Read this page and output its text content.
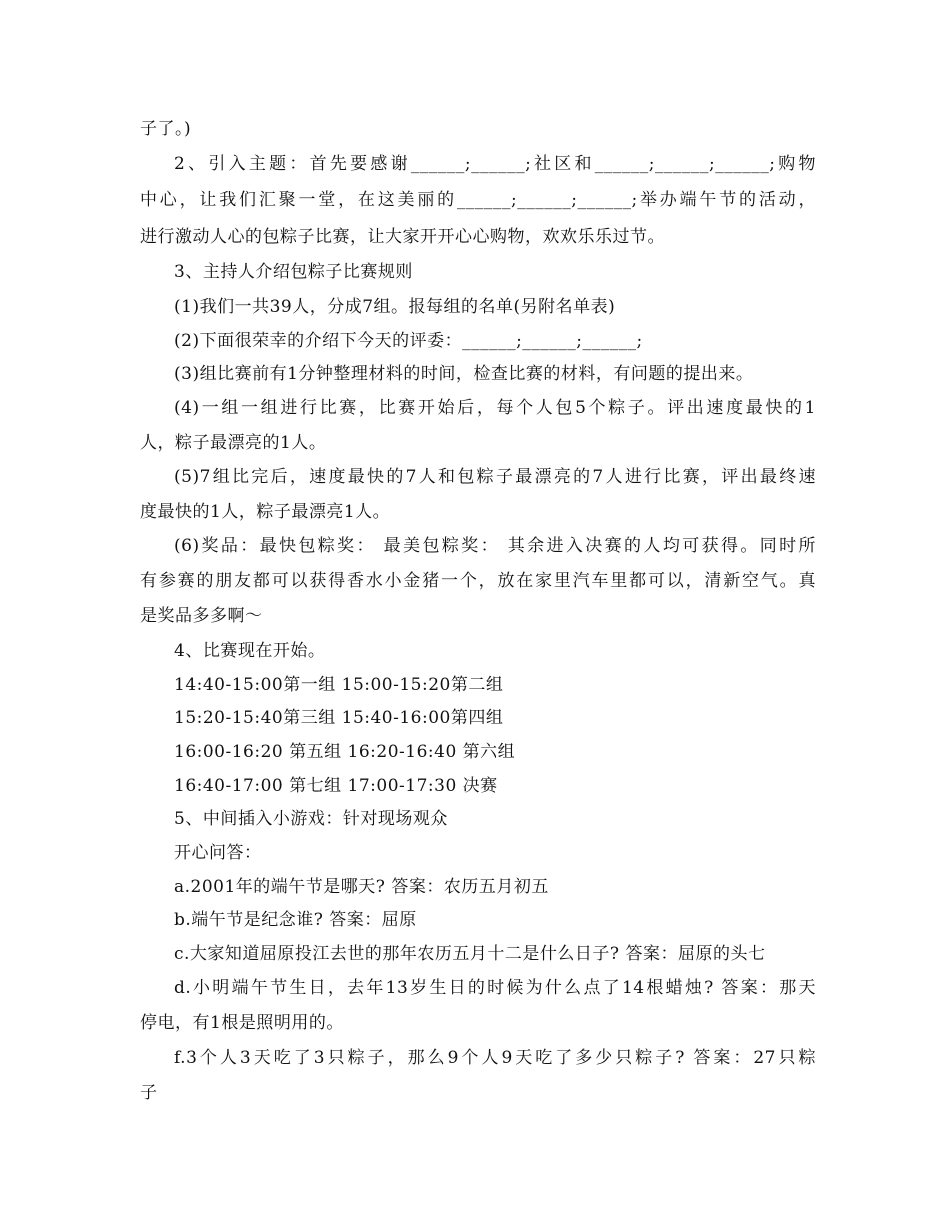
子了。)
2、引入主题：首先要感谢______;______;社区和______;______;______;购物
中心，让我们汇聚一堂，在这美丽的______;______;______;举办端午节的活动，
进行激动人心的包粽子比赛，让大家开开心心购物，欢欢乐乐过节。
3、主持人介绍包粽子比赛规则
(1)我们一共39人，分成7组。报每组的名单(另附名单表)
(2)下面很荣幸的介绍下今天的评委：______;______;______;
(3)组比赛前有1分钟整理材料的时间，检查比赛的材料，有问题的提出来。
(4)一组一组进行比赛，比赛开始后，每个人包5个粽子。评出速度最快的1
人，粽子最漂亮的1人。
(5)7组比完后，速度最快的7人和包粽子最漂亮的7人进行比赛，评出最终速
度最快的1人，粽子最漂亮1人。
(6)奖品：最快包粽奖： 最美包粽奖： 其余进入决赛的人均可获得。同时所
有参赛的朋友都可以获得香水小金猪一个，放在家里汽车里都可以，清新空气。真
是奖品多多啊～
4、比赛现在开始。
14:40-15:00第一组 15:00-15:20第二组
15:20-15:40第三组 15:40-16:00第四组
16:00-16:20 第五组 16:20-16:40 第六组
16:40-17:00 第七组 17:00-17:30 决赛
5、中间插入小游戏：针对现场观众
开心问答：
a.2001年的端午节是哪天? 答案：农历五月初五
b.端午节是纪念谁? 答案：屈原
c.大家知道屈原投江去世的那年农历五月十二是什么日子? 答案：屈原的头七
d.小明端午节生日，去年13岁生日的时候为什么点了14根蜡烛? 答案：那天
停电，有1根是照明用的。
f.3个人3天吃了3只粽子，那么9个人9天吃了多少只粽子? 答案：27只粽
子
